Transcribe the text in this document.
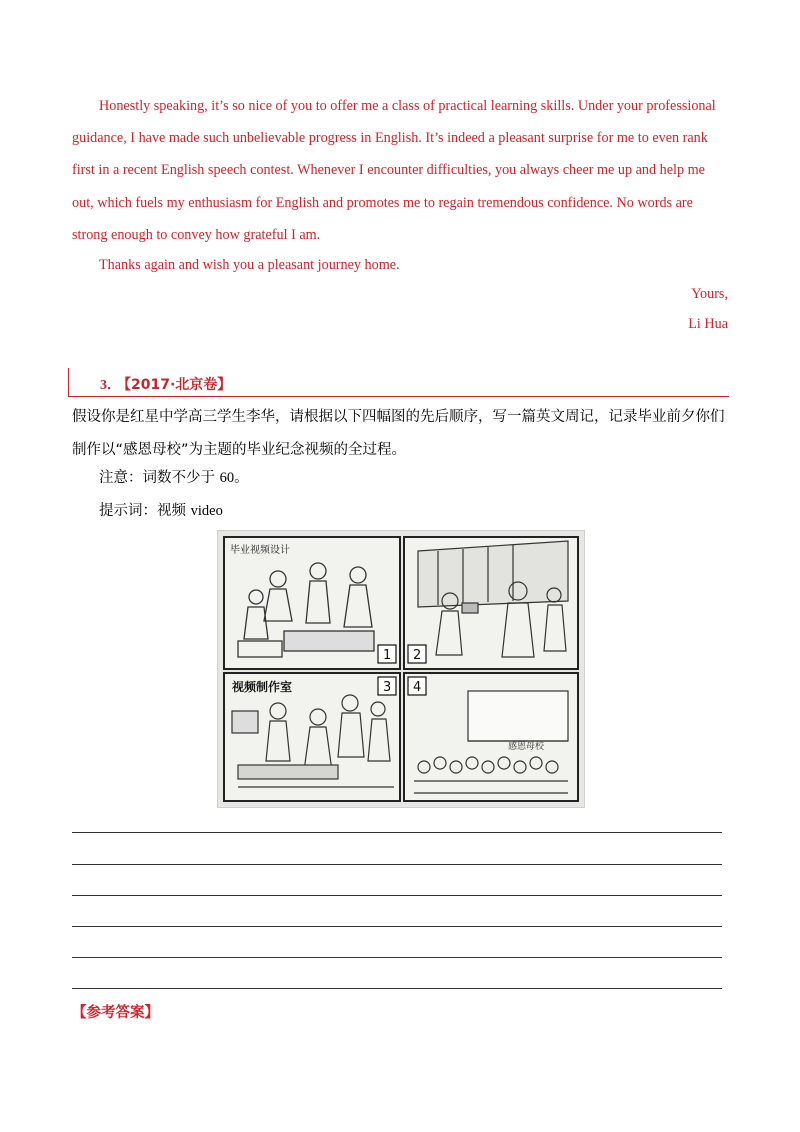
Honestly speaking, it’s so nice of you to offer me a class of practical learning skills. Under your professional guidance, I have made such unbelievable progress in English. It’s indeed a pleasant surprise for me to even rank first in a recent English speech contest. Whenever I encounter difficulties, you always cheer me up and help me out, which fuels my enthusiasm for English and promotes me to regain tremendous confidence. No words are strong enough to convey how grateful I am.

Thanks again and wish you a pleasant journey home.

Yours,
Li Hua
3．
【2017·北京卷】

假设你是红星中学高三学生李华，请根据以下四幅图的先后顺序，写一篇英文周记，记录毕业前夕你们制作以“感恩母校”为主题的毕业纪念视频的全过程。

注意：词数不少于 60。

提示词：视频 video

毕业视频设计
1 2
视频制作室	3
感恩母校
4
【参考答案】
